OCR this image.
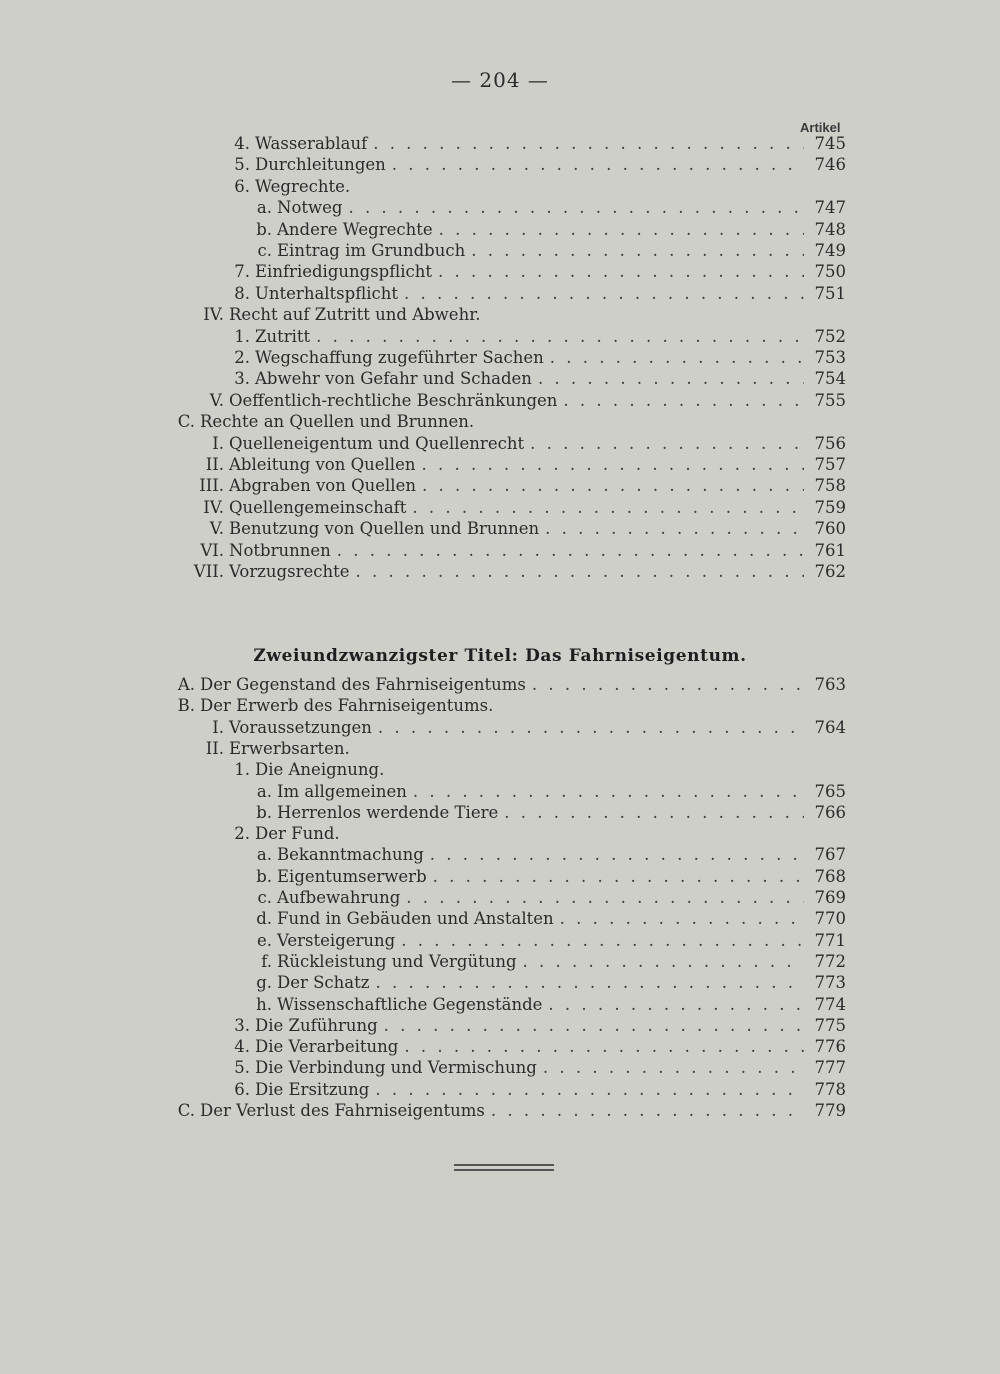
— 204 —
Artikel
4. Wasserablauf . . .	745
5. Durchleitungen . . .	746
6. Wegrechte.
a. Notweg . . .	747
b. Andere Wegrechte . . .	748
c. Eintrag im Grundbuch . . .	749
7. Einfriedigungspflicht . . .	750
8. Unterhaltspflicht . . .	751
IV. Recht auf Zutritt und Abwehr.
1. Zutritt . . .	752
2. Wegschaffung zugeführter Sachen . . .	753
3. Abwehr von Gefahr und Schaden . . .	754
V. Oeffentlich-rechtliche Beschränkungen . . .	755
C. Rechte an Quellen und Brunnen.
I. Quelleneigentum und Quellenrecht . . .	756
II. Ableitung von Quellen . . .	757
III. Abgraben von Quellen . . .	758
IV. Quellengemeinschaft . . .	759
V. Benutzung von Quellen und Brunnen . . .	760
VI. Notbrunnen . . .	761
VII. Vorzugsrechte . . .	762
A. Der Gegenstand des Fahrniseigentums . . .	763
B. Der Erwerb des Fahrniseigentums.
I. Voraussetzungen . . .	764
II. Erwerbsarten.
1. Die Aneignung.
a. Im allgemeinen . . .	765
b. Herrenlos werdende Tiere . . .	766
2. Der Fund.
a. Bekanntmachung . . .	767
b. Eigentumserwerb . . .	768
c. Aufbewahrung . . .	769
d. Fund in Gebäuden und Anstalten . . .	770
e. Versteigerung . . .	771
f. Rückleistung und Vergütung . . .	772
g. Der Schatz . . .	773
h. Wissenschaftliche Gegenstände . . .	774
3. Die Zuführung . . .	775
4. Die Verarbeitung . . .	776
5. Die Verbindung und Vermischung . . .	777
6. Die Ersitzung . . .	778
C. Der Verlust des Fahrniseigentums . . .	779
Zweiundzwanzigster Titel: Das Fahrniseigentum.
